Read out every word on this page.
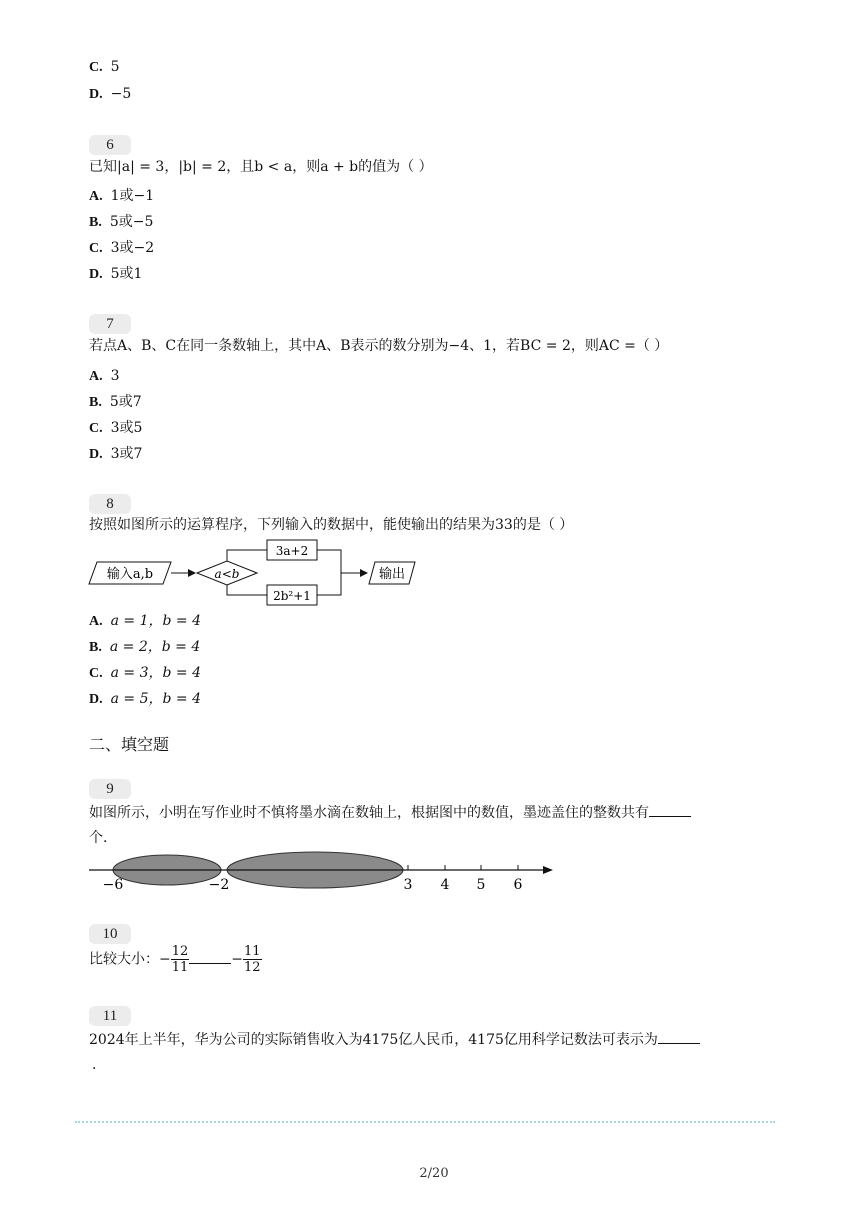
C. 5
D. −5
6
已知|a| = 3，|b| = 2，且b < a，则a + b的值为（ ）
A. 1或−1
B. 5或−5
C. 3或−2
D. 5或1
7
若点A、B、C在同一条数轴上，其中A、B表示的数分别为−4、1，若BC = 2，则AC =（ ）
A. 3
B. 5或7
C. 3或5
D. 3或7
8
按照如图所示的运算程序，下列输入的数据中，能使输出的结果为33的是（ ）
输入a,b	a<b
3a+2
2b²+1
输出
A. a = 1，b = 4
B. a = 2，b = 4
C. a = 3，b = 4
D. a = 5，b = 4
二、填空题
9
如图所示，小明在写作业时不慎将墨水滴在数轴上，根据图中的数值，墨迹盖住的整数共有
个.
−6	−2	3 4 5 6
10
比较大小：− $\frac{12}{11}$	− $\frac{11}{12}$
11
2024年上半年，华为公司的实际销售收入为4175亿人民币，4175亿用科学记数法可表示为
.
2/20
